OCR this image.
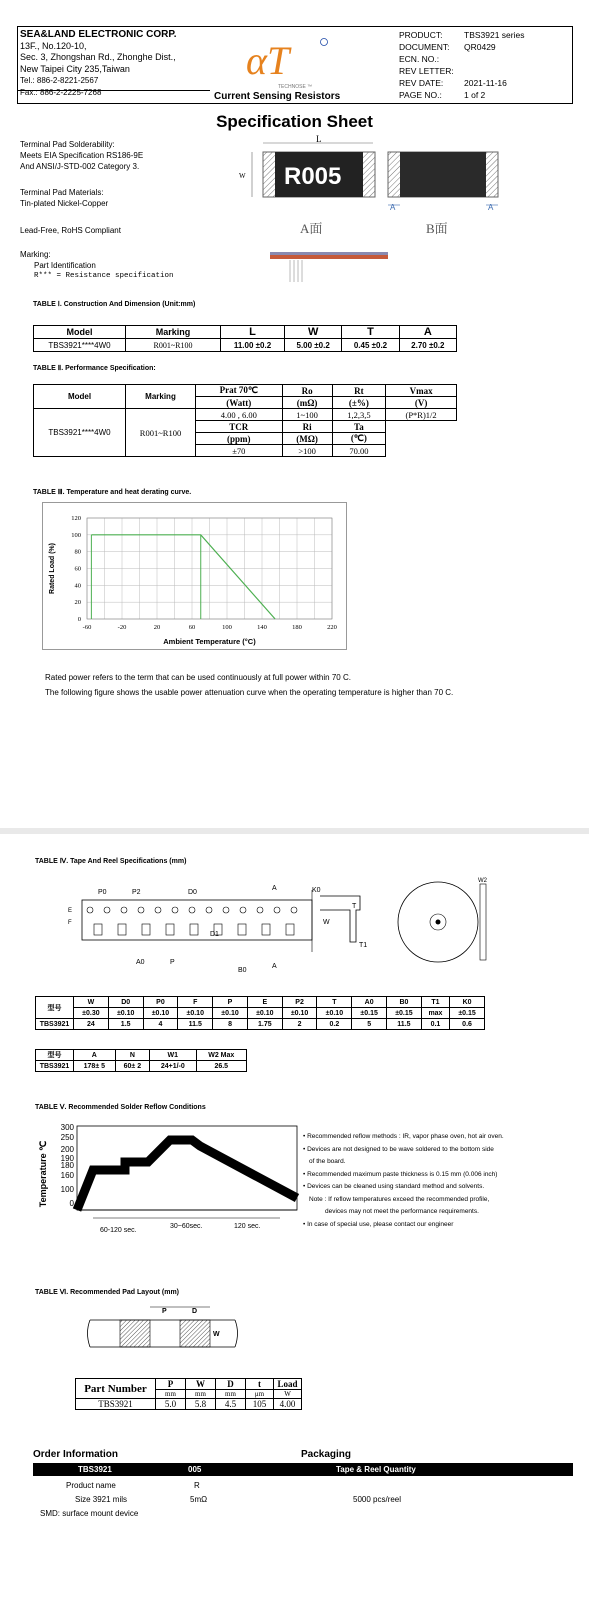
SEA&LAND ELECTRONIC CORP.
13F., No.120-10,
Sec. 3, Zhongshan Rd., Zhonghe Dist.,
New Taipei City 235,Taiwan
Tel.: 886-2-8221-2567
Fax.: 886-2-2225-7268
αT
TECHNOSE ™
Current Sensing Resistors
PRODUCT:	TBS3921 series
DOCUMENT: QR0429
ECN. NO.:
REV LETTER:
REV DATE: 2021-11-16
PAGE NO.:	1 of 2
Specification Sheet
Terminal Pad Solderability:
Meets EIA Specification RS186-9E
And ANSI/J-STD-002 Category 3.
Terminal Pad Materials:
Tin-plated Nickel-Copper
Lead-Free, RoHS Compliant
Marking:
Part Identification
R*** = Resistance specification
L
R005
W
A面
A	A
B面
TABLE Ⅰ. Construction And Dimension (Unit:mm)
Model	Marking	L	W	T	A
TBS3921****4W0	R001~R100	11.00 ±0.2	5.00 ±0.2	0.45 ±0.2	2.70 ±0.2
TABLE Ⅱ. Performance Specification:
Model	Marking	Prat 70℃	Ro	Rt	Vmax
		(Watt)	(mΩ)	(±%)	(V)
TBS3921****4W0	R001~R100	4.00 , 6.00	1~100	1,2,3,5	(P*R)1/2
		TCR	Ri	Ta	
		(ppm)	(MΩ)	(℃)	
		±70	>100	70.00	
TABLE Ⅲ. Temperature and heat derating curve.
-60	-20	20	60	100	140	180	220
0
20
40
60
80
100
120
Ambient Temperature (°C)
Rated Load (%)
Rated power refers to the term that can be used continuously at full power within 70 C.
The following figure shows the usable power attenuation curve when the operating temperature is higher than 70 C.
TABLE Ⅳ. Tape And Reel Specifications (mm)
P0	P2	D0
A
E
F	W
A0	P
B0
D1
A
K0
T
T1
W2
型号	W	D0	P0	F	P	E	P2	T	A0	B0	T1	K0
	±0.30	±0.10	±0.10	±0.10	±0.10	±0.10	±0.10	±0.10	±0.15	±0.15	max	±0.15
TBS3921	24	1.5	4	11.5	8	1.75	2	0.2	5	11.5	0.1	0.6
型号	A	N	W1	W2 Max
TBS3921	178± 5	60± 2	24+1/-0	26.5
TABLE Ⅴ. Recommended Solder Reflow Conditions
300
250
200
190
180
160
100
0
Temperature ℃
60-120 sec.
30~60sec.	120 sec.
• Recommended reflow methods : IR, vapor phase oven, hot air oven.
• Devices are not designed to be wave soldered to the bottom side
of the board.
• Recommended maximum paste thickness is 0.15 mm (0.006 inch)
• Devices can be cleaned using standard method and solvents.
Note : If reflow temperatures exceed the recommended profile,
devices may not meet the performance requirements.
• In case of special use, please contact our engineer
TABLE Ⅵ. Recommended Pad Layout (mm)
P	D
W
Part Number	P	W	D	t	Load
	mm	mm	mm	μm	W
TBS3921	5.0	5.8	4.5	105	4.00
Order Information	Packaging
TBS3921	005	Tape & Reel Quantity
Product name	R
Size 3921 mils	5mΩ	5000 pcs/reel
SMD: surface mount device
